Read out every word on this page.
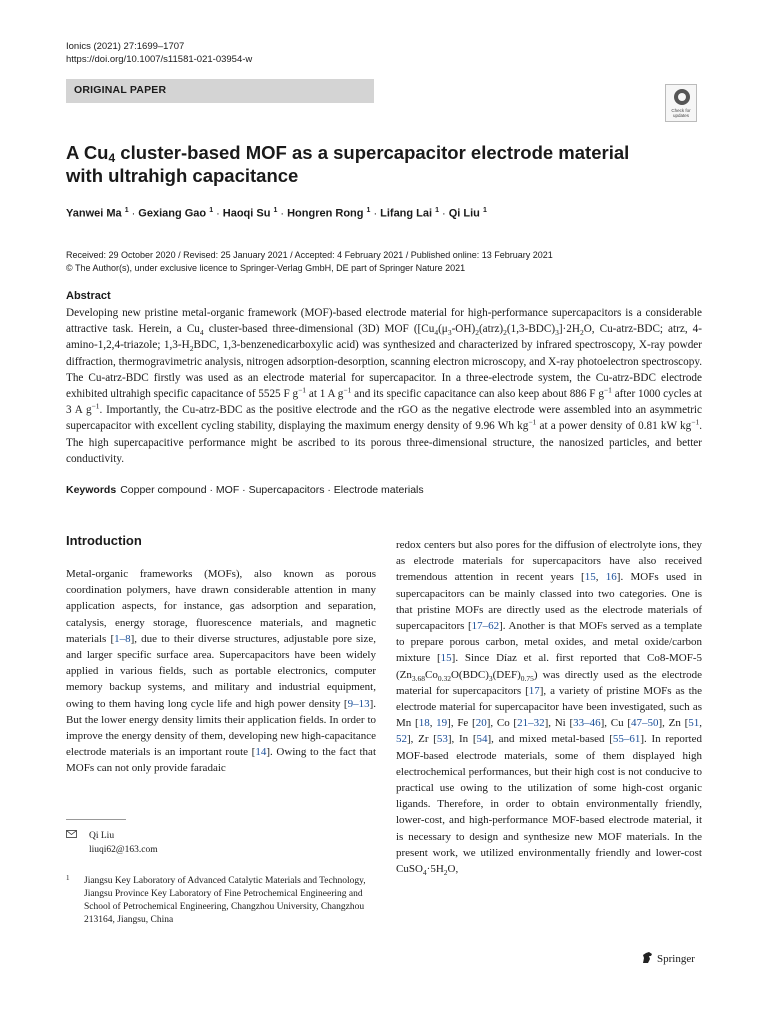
Ionics (2021) 27:1699–1707
https://doi.org/10.1007/s11581-021-03954-w
ORIGINAL PAPER
Check for updates
A $Cu_4$ cluster-based MOF as a supercapacitor electrode material
with ultrahigh capacitance
Yanwei Ma $^1$ · Gexiang Gao $^1$ · Haoqi Su $^1$ · Hongren Rong $^1$ · Lifang Lai $^1$ · Qi Liu $^1$
Received: 29 October 2020 / Revised: 25 January 2021 / Accepted: 4 February 2021 / Published online: 13 February 2021
© The Author(s), under exclusive licence to Springer-Verlag GmbH, DE part of Springer Nature 2021
Abstract
Developing new pristine metal-organic framework (MOF)-based electrode material for high-performance supercapacitors is a considerable attractive task. Herein, a $Cu_4$ cluster-based three-dimensional (3D) MOF ($[Cu_4(\mu_3-OH)_2(atrz)_2(1,3-BDC)_3]\cdot 2H_2O$, Cu-atrz-BDC; atrz, 4-amino-1,2,4-triazole; $1,3-H_2BDC$, 1,3-benzenedicarboxylic acid) was synthesized and characterized by infrared spectroscopy, X-ray powder diffraction, thermogravimetric analysis, nitrogen adsorption-desorption, scanning electron microscopy, and X-ray photoelectron spectroscopy. The Cu-atrz-BDC firstly was used as an electrode material for supercapacitor. In a three-electrode system, the Cu-atrz-BDC electrode exhibited ultrahigh specific capacitance of 5525 F $g^{-1}$ at 1 A $g^{-1}$ and its specific capacitance can also keep about 886 F $g^{-1}$ after 1000 cycles at 3 A $g^{-1}$. Importantly, the Cu-atrz-BDC as the positive electrode and the rGO as the negative electrode were assembled into an asymmetric supercapacitor with excellent cycling stability, displaying the maximum energy density of 9.96 Wh $kg^{-1}$ at a power density of 0.81 kW $kg^{-1}$. The high supercapacitive performance might be ascribed to its porous three-dimensional structure, the nanosized particles, and better conductivity.
Keywords Copper compound · MOF · Supercapacitors · Electrode materials
Introduction
Metal-organic frameworks (MOFs), also known as porous coordination polymers, have drawn considerable attention in many application aspects, for instance, gas adsorption and separation, catalysis, energy storage, fluorescence materials, and magnetic materials [1–8], due to their diverse structures, adjustable pore size, and larger specific surface area. Supercapacitors have been widely applied in various fields, such as portable electronics, computer memory backup systems, and military and industrial equipment, owing to them having long cycle life and high power density [9–13]. But the lower energy density limits their application fields. In order to improve the energy density of them, developing new high-capacitance electrode materials is an important route [14]. Owing to the fact that MOFs can not only provide faradaic
redox centers but also pores for the diffusion of electrolyte ions, they as electrode materials for supercapacitors have also received tremendous attention in recent years [15, 16]. MOFs used in supercapacitors can be mainly classed into two categories. One is that pristine MOFs are directly used as the electrode materials of supercapacitors [17–62]. Another is that MOFs served as a template to prepare porous carbon, metal oxides, and metal oxide/carbon mixture [15]. Since Díaz et al. first reported that Co8-MOF-5 $(Zn_{3.68}Co_{0.32}O(BDC)_3(DEF)_{0.75})$ was directly used as the electrode material for supercapacitors [17], a variety of pristine MOFs as the electrode material for supercapacitor have been investigated, such as Mn [18, 19], Fe [20], Co [21–32], Ni [33–46], Cu [47–50], Zn [51, 52], Zr [53], In [54], and mixed metal-based [55–61]. In reported MOF-based electrode materials, some of them displayed high electrochemical performances, but their high cost is not conducive to practical use owing to the utilization of some high-cost organic ligands. Therefore, in order to obtain environmentally friendly, lower-cost, and high-performance MOF-based electrode material, it is necessary to design and synthesize new MOF materials. In the present work, we utilized environmentally friendly and lower-cost $CuSO_4\cdot 5H_2O$,
Qi Liu
liuqi62@163.com
1 Jiangsu Key Laboratory of Advanced Catalytic Materials and Technology, Jiangsu Province Key Laboratory of Fine Petrochemical Engineering and School of Petrochemical Engineering, Changzhou University, Changzhou 213164, Jiangsu, China
Springer
